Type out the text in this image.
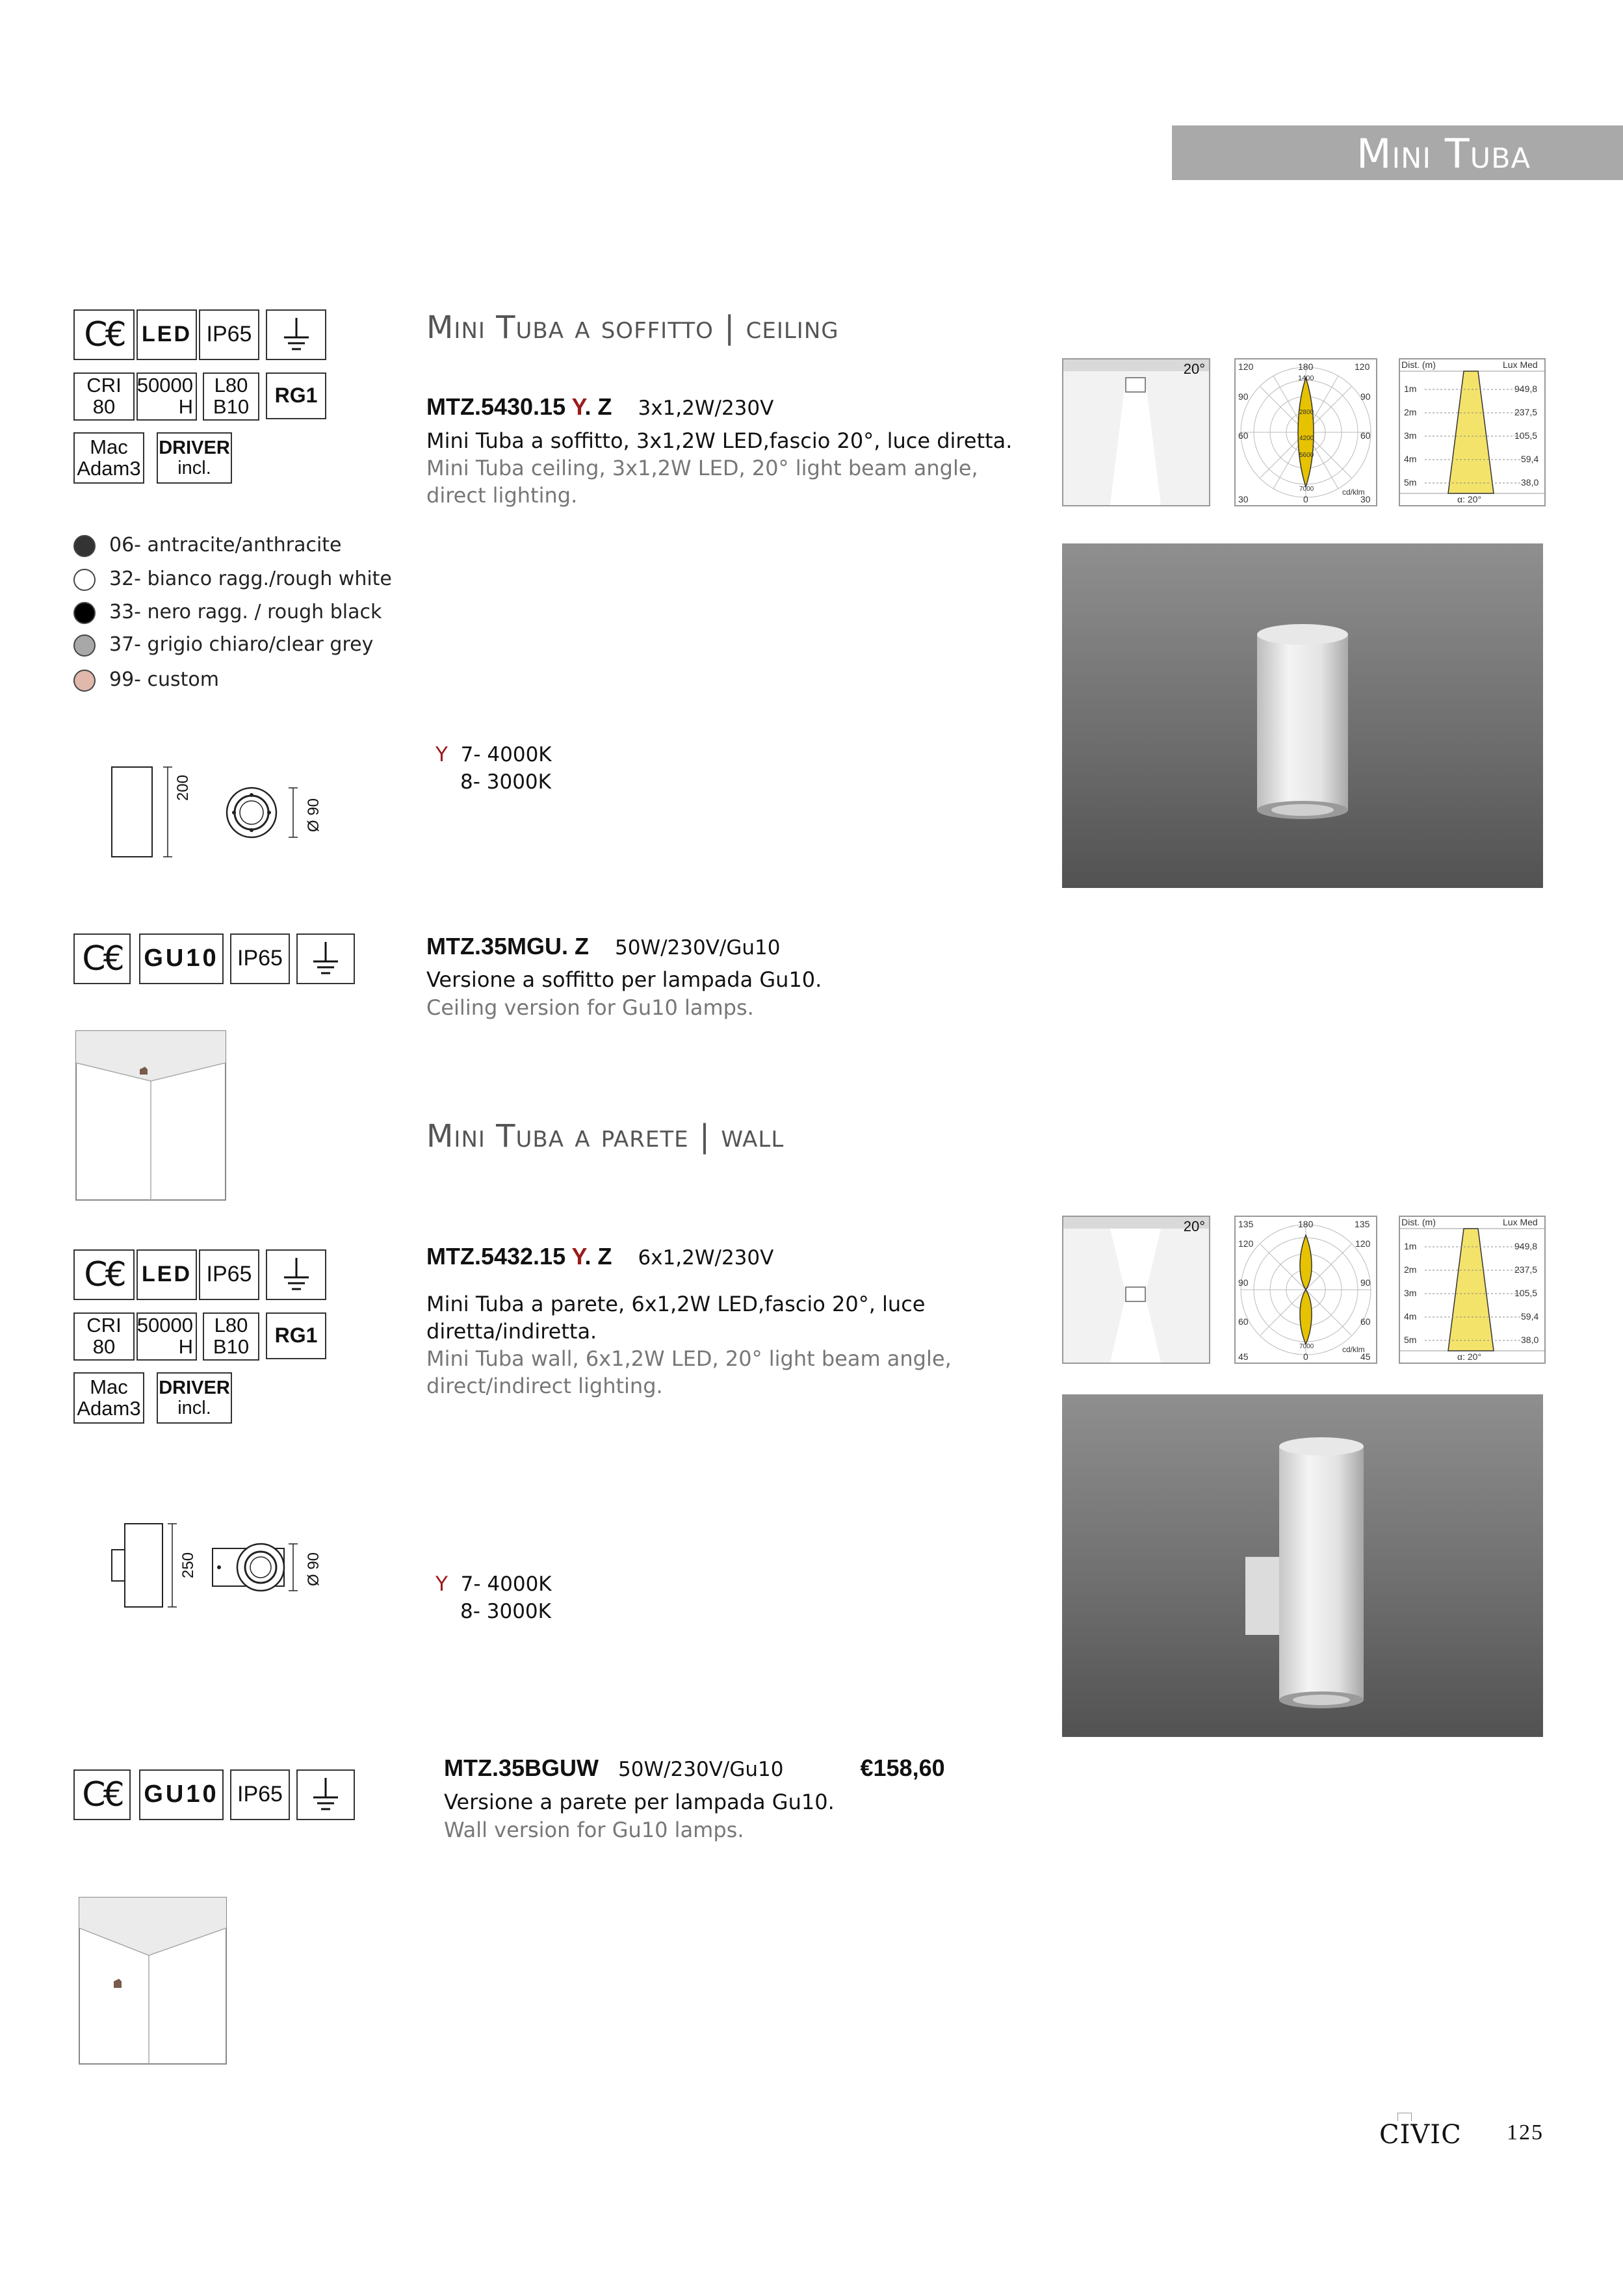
Mini Tuba
C€ LED IP65
CRI
80
50000
H
L80
B10	RG1
Mac
Adam3
DRIVER
incl.
06- antracite/anthracite
32- bianco ragg./rough white
33- nero ragg. / rough black
37- grigio chiaro/clear grey
99- custom
200
Ø 90
Mini Tuba a soffitto | ceiling
MTZ.5430.15 Y. Z 3x1,2W/230V
Mini Tuba a soffitto, 3x1,2W LED,fascio 20°, luce diretta.
Mini Tuba ceiling, 3x1,2W LED, 20° light beam angle, direct lighting.
Y 7- 4000K
8- 3000K
20°	120	180	120
1400
90	90
60	60
2800
4200
5600
7000	cd/klm
30	0	30
Dist. (m)	Lux Med
1m	949,8
2m	237,5
3m	105,5
4m	59,4
5m	38,0
α: 20°
C€ GU10 IP65	MTZ.35MGU. Z 50W/230V/Gu10
Versione a soffitto per lampada Gu10.
Ceiling version for Gu10 lamps.
Mini Tuba a parete | wall
C€ LED IP65
CRI
80
50000
H
L80
B10	RG1
Mac
Adam3
DRIVER
incl.
MTZ.5432.15 Y. Z 6x1,2W/230V
Mini Tuba a parete, 6x1,2W LED,fascio 20°, luce
diretta/indiretta.
Mini Tuba wall, 6x1,2W LED, 20° light beam angle, direct/indirect lighting.
Y 7- 4000K
8- 3000K
250	Ø 90
20°	135	180	135
120	120
90	90
60	60
7000	cd/klm
45	0	45
Dist. (m)	Lux Med
1m	949,8
2m	237,5
3m	105,5
4m	59,4
5m	38,0
α: 20°
C€ GU10 IP65
MTZ.35BGUW 50W/230V/Gu10	€158,60
Versione a parete per lampada Gu10.
Wall version for Gu10 lamps.
CIVIC 125
